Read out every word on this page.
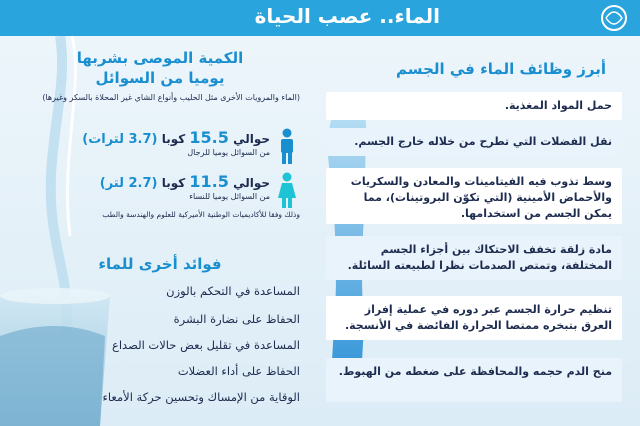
الماء.. عصب الحياة
أبرز وظائف الماء في الجسم
حمل المواد المغذية.
نقل الفضلات التي تطرح من خلاله خارج الجسم.
وسط تذوب فيه الفيتامينات والمعادن والسكريات والأحماض الأمينية (التي تكوّن البروتينات)، مما يمكن الجسم من استخدامها.
مادة زلقة تخفف الاحتكاك بين أجزاء الجسم المختلفة، وتمتص الصدمات نظرا لطبيعته السائلة.
تنظيم حرارة الجسم عبر دوره في عملية إفراز العرق بتبخره ممتصا الحرارة الفائضة في الأنسجة.
منح الدم حجمه والمحافظة على ضغطه من الهبوط.
الكمية الموصى بشربها
يوميا من السوائل
(الماء والمرويات الأخرى مثل الحليب وأنواع الشاي غير المحلاة بالسكر وغيرها)
حوالي 15.5 كوبا (3.7 لترات)
من السوائل يوميا للرجال
حوالي 11.5 كوبا (2.7 لتر)
من السوائل يوميا للنساء
وذلك وفقا للأكاديميات الوطنية الأميركية للعلوم والهندسة والطب
فوائد أخرى للماء
المساعدة في التحكم بالوزن
الحفاظ على نضارة البشرة
المساعدة في تقليل بعض حالات الصداع
الحفاظ على أداء العضلات
الوقاية من الإمساك وتحسين حركة الأمعاء
